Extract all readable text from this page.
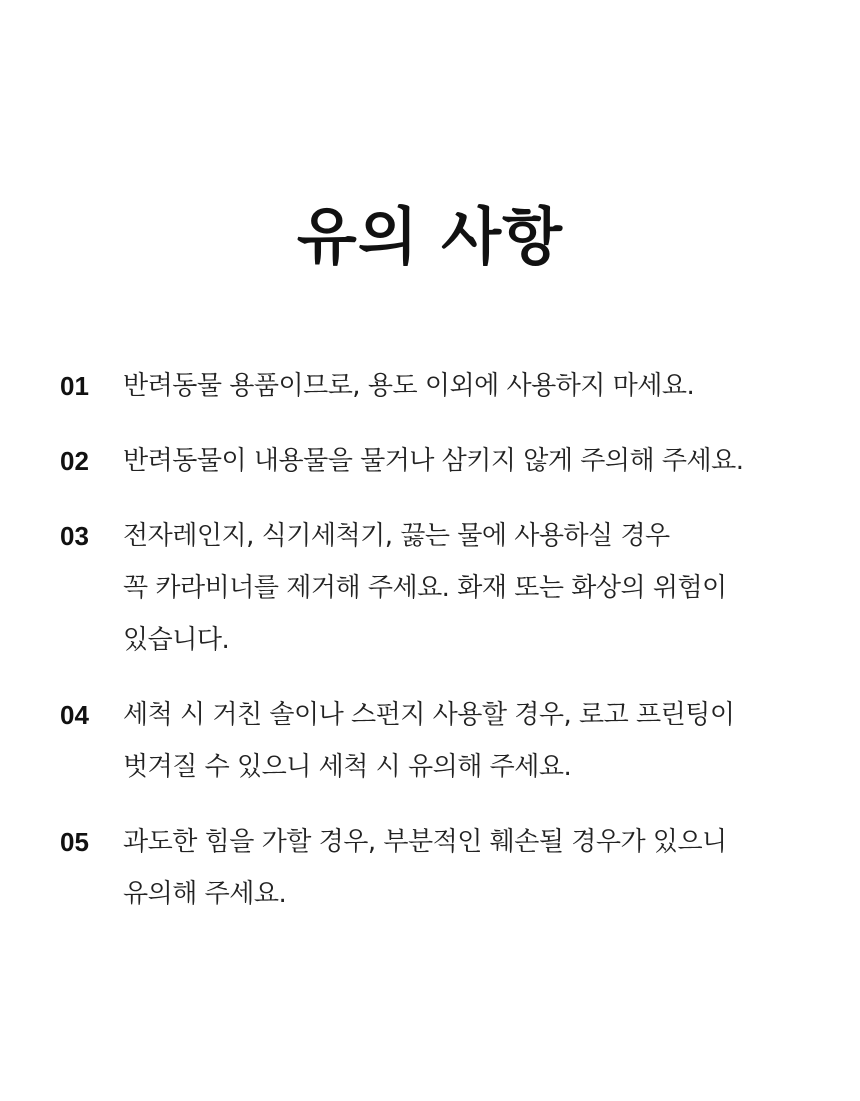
유의 사항
01	반려동물 용품이므로, 용도 이외에 사용하지 마세요.
02	반려동물이 내용물을 물거나 삼키지 않게 주의해 주세요.
03	전자레인지, 식기세척기, 끓는 물에 사용하실 경우
꼭 카라비너를 제거해 주세요. 화재 또는 화상의 위험이
있습니다.
04	세척 시 거친 솔이나 스펀지 사용할 경우, 로고 프린팅이
벗겨질 수 있으니 세척 시 유의해 주세요.
05	과도한 힘을 가할 경우, 부분적인 훼손될 경우가 있으니
유의해 주세요.
